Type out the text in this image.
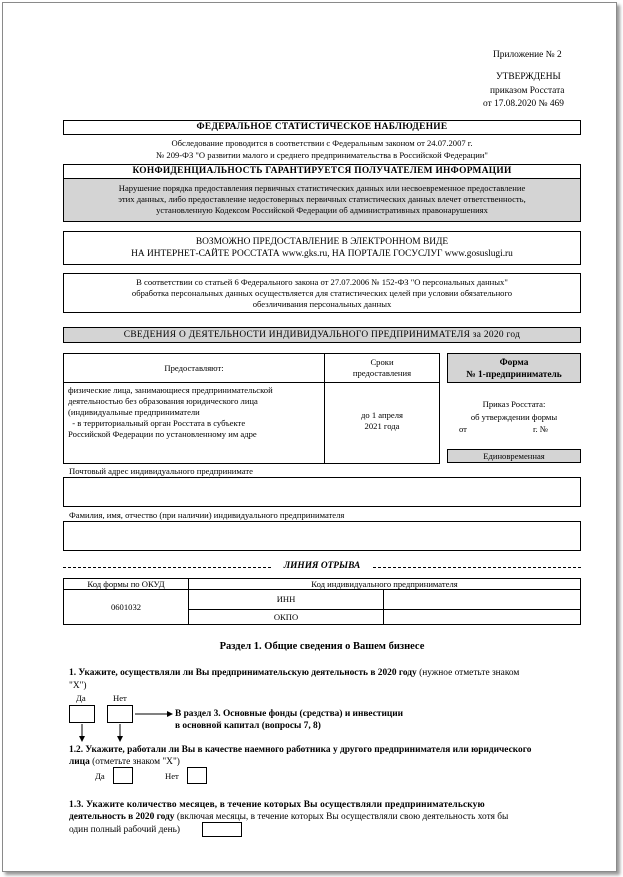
Приложение № 2
УТВЕРЖДЕНЫ
приказом Росстата
от 17.08.2020 № 469
ФЕДЕРАЛЬНОЕ СТАТИСТИЧЕСКОЕ НАБЛЮДЕНИЕ
Обследование проводится в соответствии с Федеральным законом от 24.07.2007 г.
№ 209-ФЗ "О развитии малого и среднего предпринимательства в Российской Федерации"
КОНФИДЕНЦИАЛЬНОСТЬ ГАРАНТИРУЕТСЯ ПОЛУЧАТЕЛЕМ ИНФОРМАЦИИ
Нарушение порядка предоставления первичных статистических данных или несвоевременное предоставление
этих данных, либо предоставление недостоверных первичных статистических данных влечет ответственность,
установленную Кодексом Российской Федерации об административных правонарушениях
ВОЗМОЖНО ПРЕДОСТАВЛЕНИЕ В ЭЛЕКТРОННОМ ВИДЕ
НА ИНТЕРНЕТ-САЙТЕ РОССТАТА www.gks.ru, НА ПОРТАЛЕ ГОСУСЛУГ www.gosuslugi.ru
В соответствии со статьей 6 Федерального закона от 27.07.2006 № 152-ФЗ "О персональных данных"
обработка персональных данных осуществляется для статистических целей при условии обязательного
обезличивания персональных данных
СВЕДЕНИЯ О ДЕЯТЕЛЬНОСТИ ИНДИВИДУАЛЬНОГО ПРЕДПРИНИМАТЕЛЯ за 2020 год
Предоставляют:
Сроки
предоставления
физические лица, занимающиеся предпринимательской
деятельностью без образования юридического лица
(индивидуальные предприниматели
- в территориальный орган Росстата в субъекте
Российской Федерации по установленному им адре
до 1 апреля
2021 года
Форма
№ 1-предприниматель
Приказ Росстата:
об утверждении формы
от	г. №
Единовременная
Почтовый адрес индивидуального предпринимате
Фамилия, имя, отчество (при наличии) индивидуального предпринимателя
ЛИНИЯ ОТРЫВА
Код формы по ОКУД	Код индивидуального предпринимателя
0601032
ИНН
ОКПО
Раздел 1. Общие сведения о Вашем бизнесе
1. Укажите, осуществляли ли Вы предпринимательскую деятельность в 2020 году (нужное отметьте знаком
"Х")
Да	Нет
В раздел 3. Основные фонды (средства) и инвестиции
в основной капитал (вопросы 7, 8)
1.2. Укажите, работали ли Вы в качестве наемного работника у другого предпринимателя или юридического
лица (отметьте знаком "Х")
Да	Нет
1.3. Укажите количество месяцев, в течение которых Вы осуществляли предпринимательскую
деятельность в 2020 году (включая месяцы, в течение которых Вы осуществляли свою деятельность хотя бы
один полный рабочий день)
